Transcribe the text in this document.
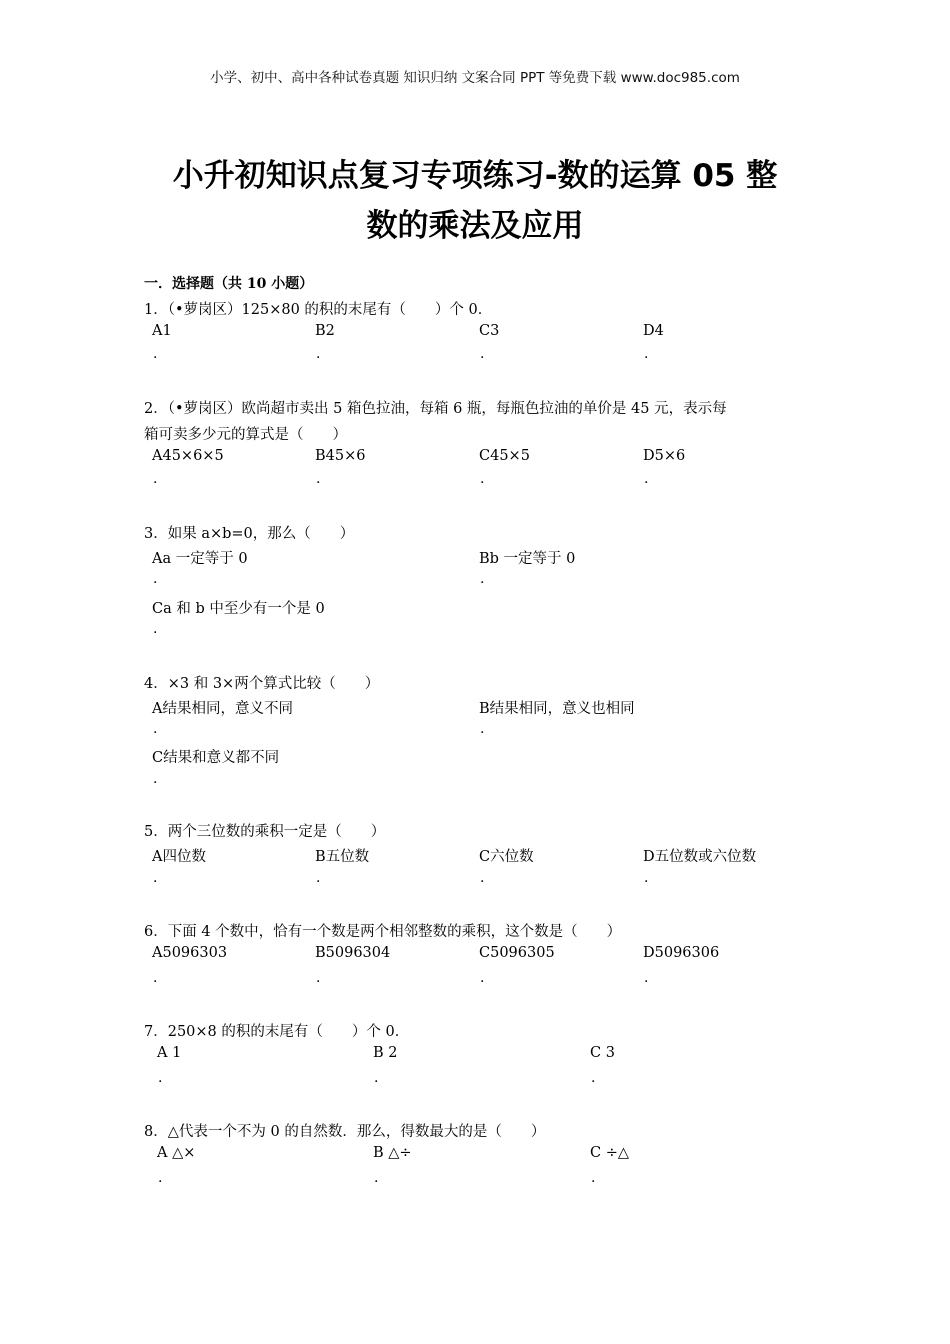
小学、初中、高中各种试卷真题 知识归纳 文案合同 PPT 等免费下载 www.doc985.com
小升初知识点复习专项练习-数的运算 05 整
数的乘法及应用
一．选择题（共 10 小题）
1．（•萝岗区）125×80 的积的末尾有（　　）个 0．
A1	B2	C3	D4
.	.	.	.
2．（•萝岗区）欧尚超市卖出 5 箱色拉油，每箱 6 瓶，每瓶色拉油的单价是 45 元，表示每
箱可卖多少元的算式是（　　）
A45×6×5	B45×6	C45×5	D5×6
.	.	.	.
3．如果 a×b=0，那么（　　）
Aa 一定等于 0	Bb 一定等于 0
.	.
Ca 和 b 中至少有一个是 0
.
4．×3 和 3×两个算式比较（　　）
A结果相同，意义不同	B结果相同，意义也相同
.	.
C结果和意义都不同
.
5．两个三位数的乘积一定是（　　）
A四位数	B五位数	C六位数	D五位数或六位数
.	.	.	.
6．下面 4 个数中，恰有一个数是两个相邻整数的乘积，这个数是（　　）
A5096303	B5096304	C5096305	D5096306
.	.	.	.
7．250×8 的积的末尾有（　　）个 0．
A 1	B 2	C 3
.	.	.
8．△代表一个不为 0 的自然数．那么，得数最大的是（　　）
A △×	B △÷	C ÷△
.	.	.
